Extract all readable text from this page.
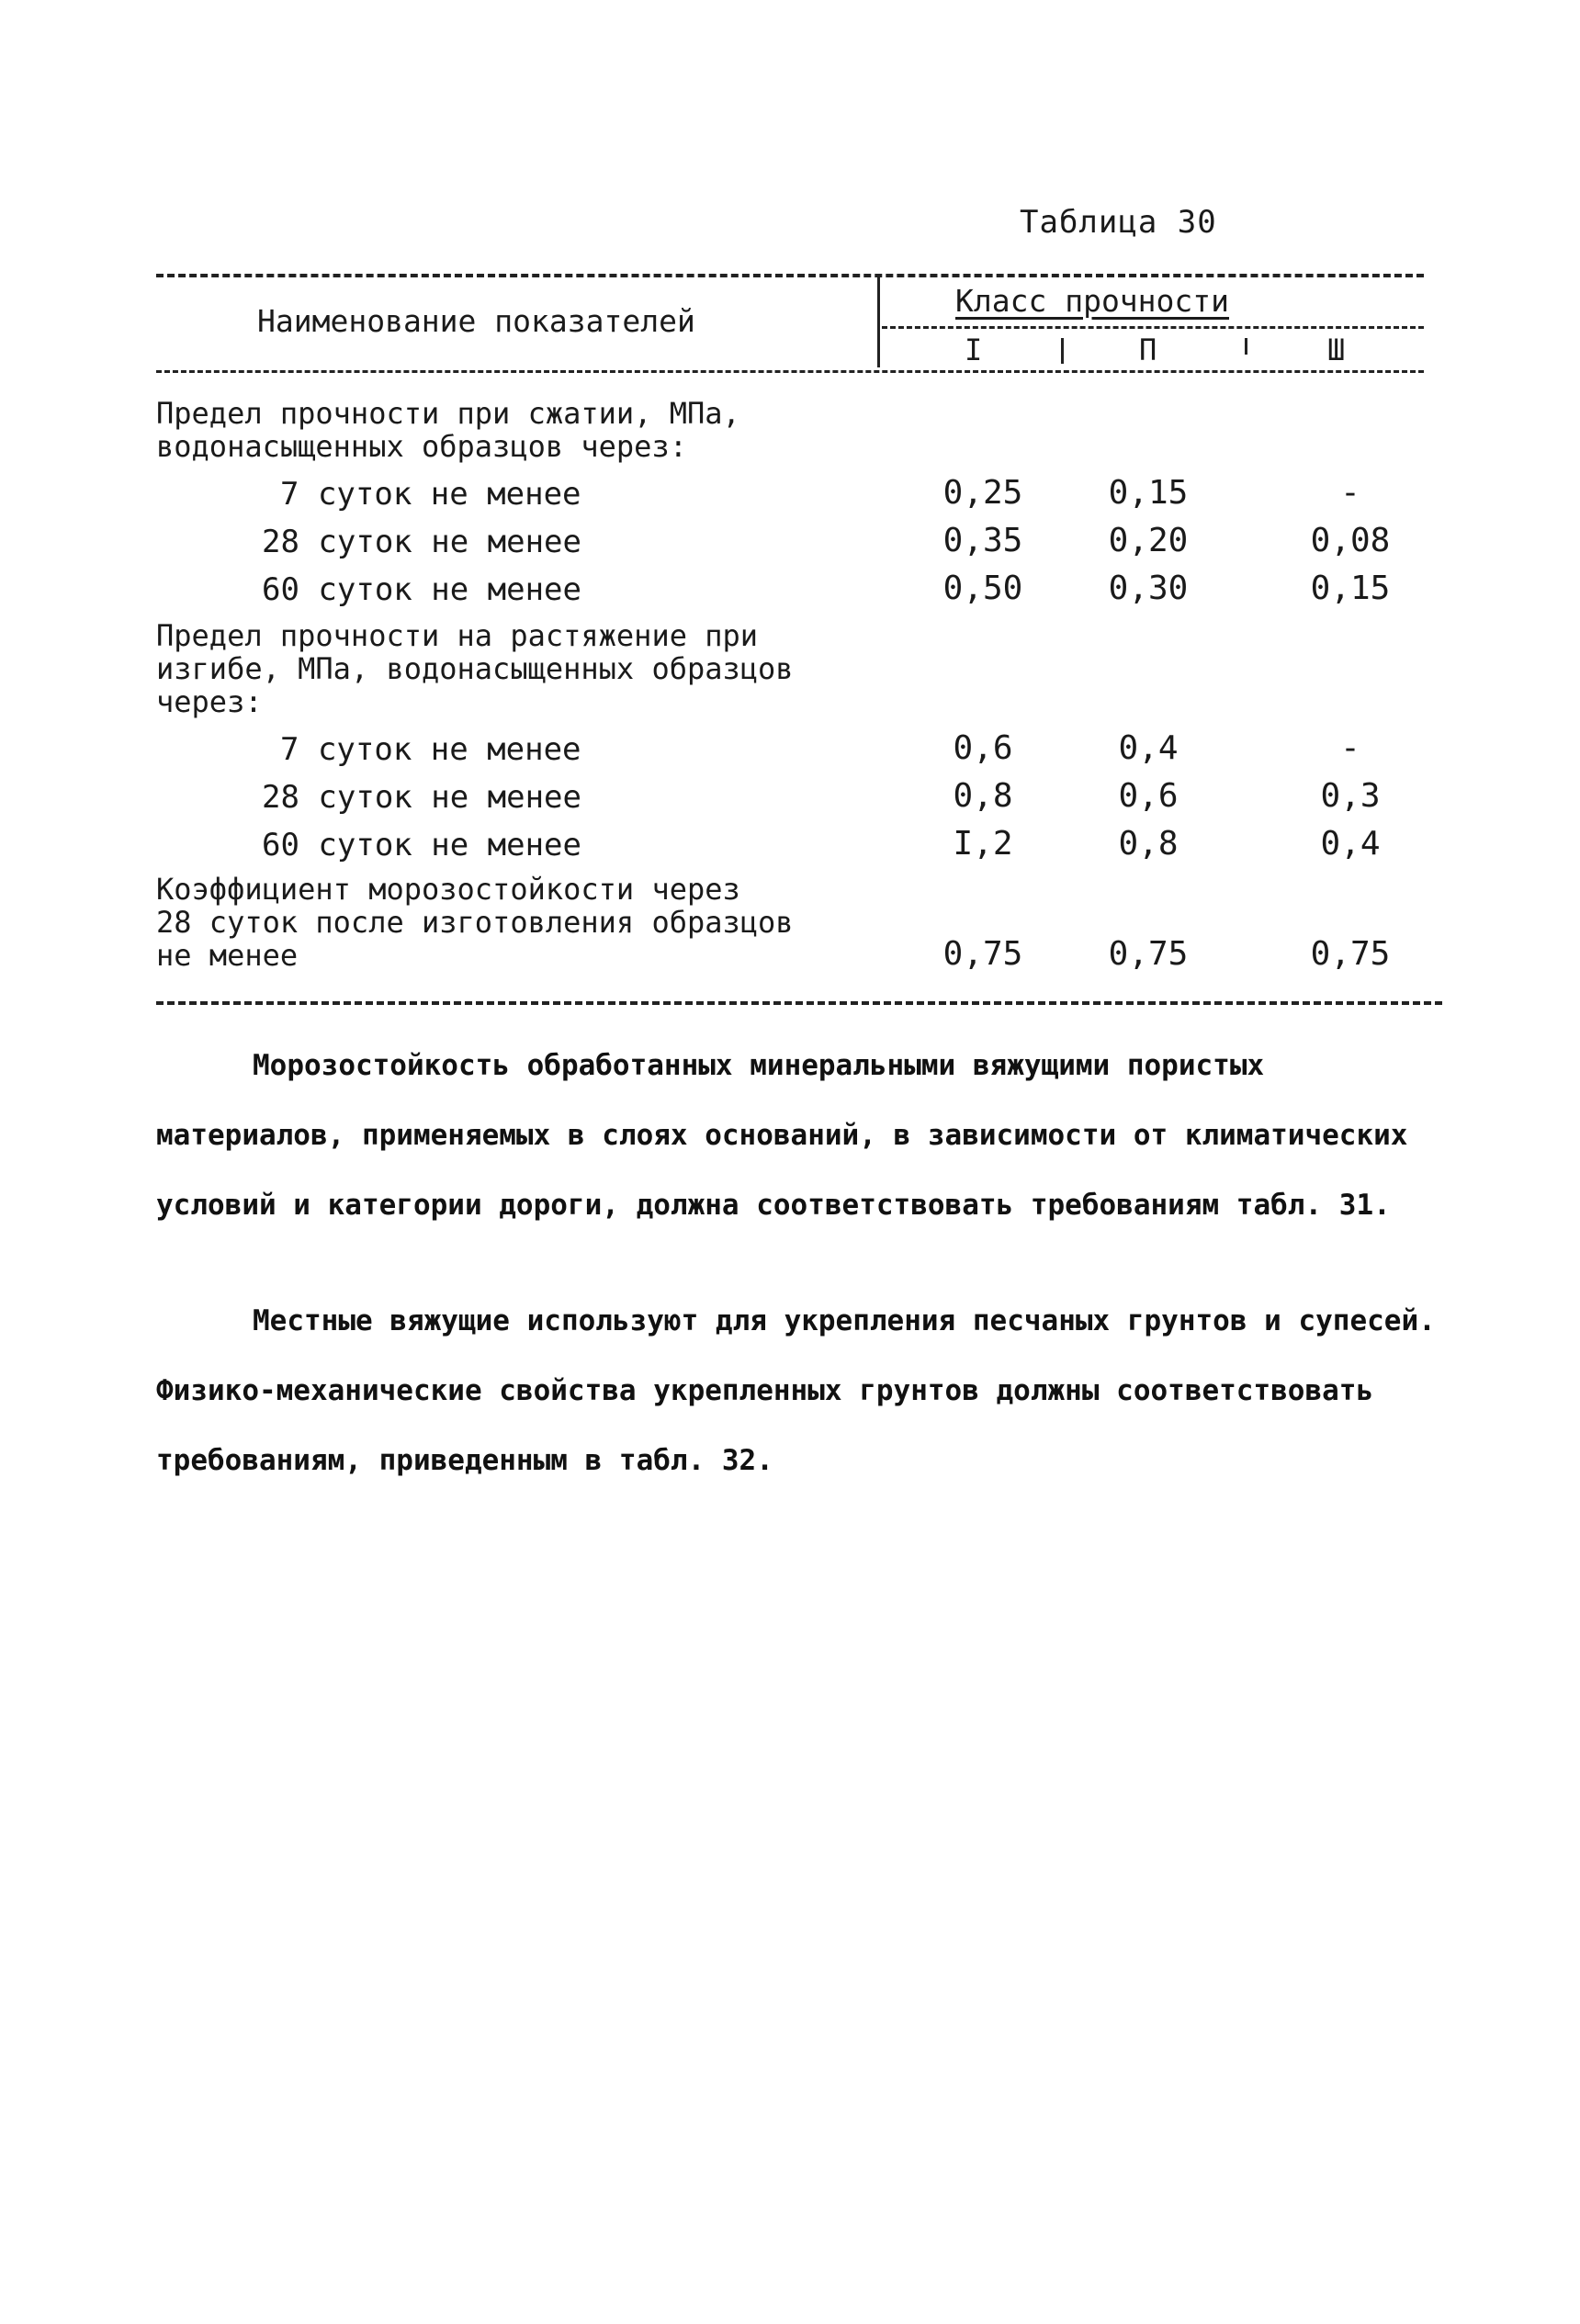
Таблица 30
Наименование показателей
Класс прочности
I	П	Ш
Предел прочности при сжатии, МПа,
водонасыщенных образцов через:
7 суток не менее	0,25	0,15	-
28 суток не менее	0,35	0,20	0,08
60 суток не менее	0,50	0,30	0,15
Предел прочности на растяжение при
изгибе, МПа, водонасыщенных образцов
через:
7 суток не менее	0,6	0,4	-
28 суток не менее	0,8	0,6	0,3
60 суток не менее	I,2	0,8	0,4
Коэффициент морозостойкости через
28 суток после изготовления образцов
не менее	0,75	0,75	0,75
Морозостойкость обработанных минеральными вяжущими пористых материалов, применяемых в слоях оснований, в зависимости от климатических условий и категории дороги, должна соответствовать требованиям табл. 31.
Местные вяжущие используют для укрепления песчаных грунтов и супесей. Физико-механические свойства укрепленных грунтов должны соответствовать требованиям, приведенным в табл. 32.
